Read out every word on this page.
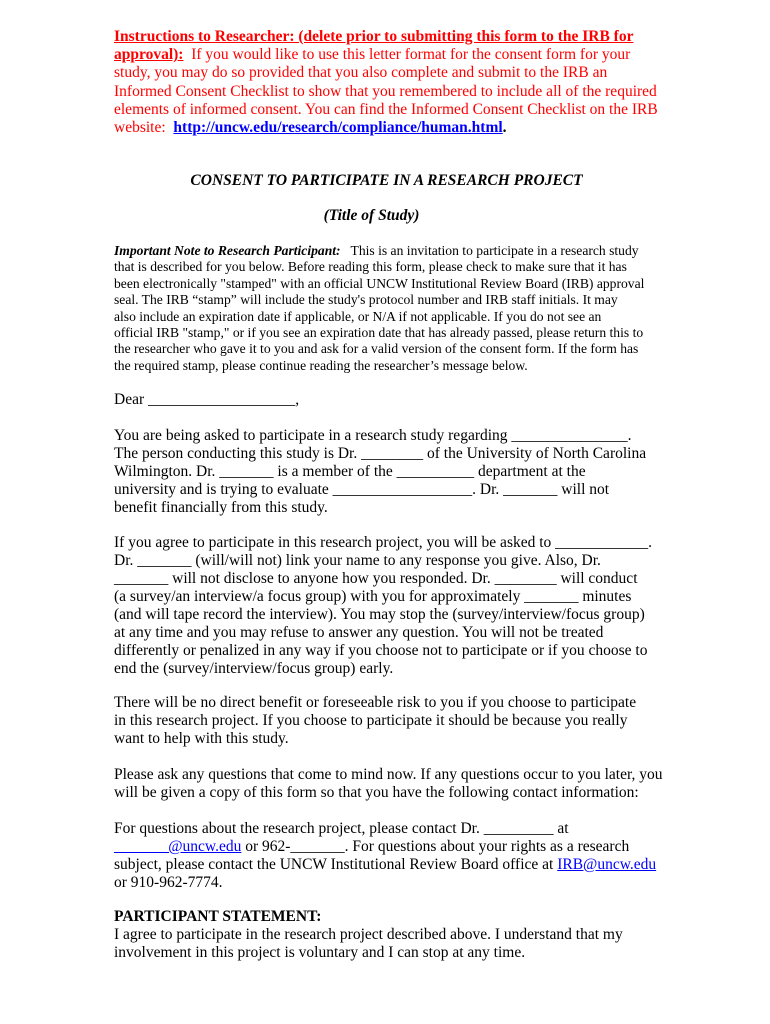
Instructions to Researcher: (delete prior to submitting this form to the IRB for
approval): If you would like to use this letter format for the consent form for your
study, you may do so provided that you also complete and submit to the IRB an
Informed Consent Checklist to show that you remembered to include all of the required
elements of informed consent. You can find the Informed Consent Checklist on the IRB
website: http://uncw.edu/research/compliance/human.html.
CONSENT TO PARTICIPATE IN A RESEARCH PROJECT
(Title of Study)
Important Note to Research Participant: This is an invitation to participate in a research study
that is described for you below. Before reading this form, please check to make sure that it has
been electronically "stamped" with an official UNCW Institutional Review Board (IRB) approval
seal. The IRB “stamp” will include the study's protocol number and IRB staff initials. It may
also include an expiration date if applicable, or N/A if not applicable. If you do not see an
official IRB "stamp," or if you see an expiration date that has already passed, please return this to
the researcher who gave it to you and ask for a valid version of the consent form. If the form has
the required stamp, please continue reading the researcher’s message below.
Dear ___________________,
You are being asked to participate in a research study regarding _______________.
The person conducting this study is Dr. ________ of the University of North Carolina
Wilmington. Dr. _______ is a member of the __________ department at the
university and is trying to evaluate __________________. Dr. _______ will not
benefit financially from this study.
If you agree to participate in this research project, you will be asked to ____________.
Dr. _______ (will/will not) link your name to any response you give. Also, Dr.
_______ will not disclose to anyone how you responded. Dr. ________ will conduct
(a survey/an interview/a focus group) with you for approximately _______ minutes
(and will tape record the interview). You may stop the (survey/interview/focus group)
at any time and you may refuse to answer any question. You will not be treated
differently or penalized in any way if you choose not to participate or if you choose to
end the (survey/interview/focus group) early.
There will be no direct benefit or foreseeable risk to you if you choose to participate
in this research project. If you choose to participate it should be because you really
want to help with this study.
Please ask any questions that come to mind now. If any questions occur to you later, you
will be given a copy of this form so that you have the following contact information:
For questions about the research project, please contact Dr. _________ at
_______@uncw.edu or 962-_______. For questions about your rights as a research
subject, please contact the UNCW Institutional Review Board office at IRB@uncw.edu
or 910-962-7774.
PARTICIPANT STATEMENT:
I agree to participate in the research project described above. I understand that my
involvement in this project is voluntary and I can stop at any time.
